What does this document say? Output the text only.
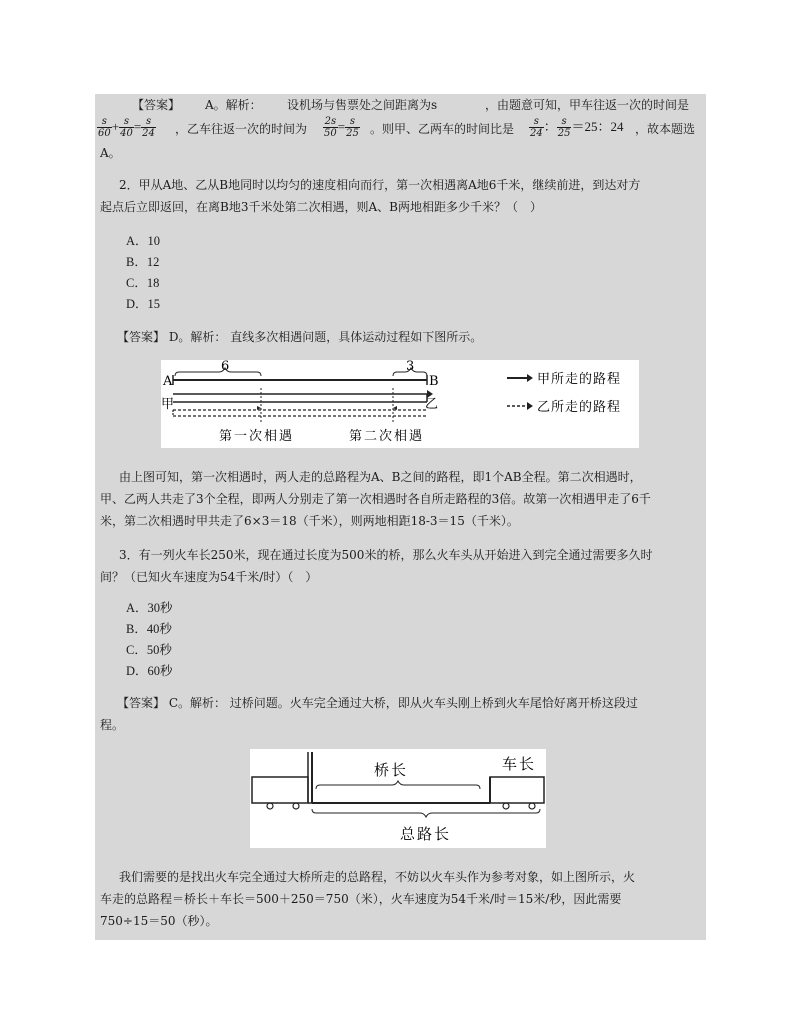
【答案】 A。解析： 设机场与售票处之间距离为s	，由题意可知，甲车往返一次的时间是
$\frac{s}{60} + \frac{s}{40} = \frac{s}{24}$ ，乙车往返一次的时间为 $\frac{2s}{50} = \frac{s}{25}$ 。则甲、乙两车的时间比是 $\frac{s}{24}$ ： $\frac{s}{25} =25$：24 ，故本题选
A。
2．甲从A地、乙从B地同时以均匀的速度相向而行，第一次相遇离A地6千米，继续前进，到达对方
起点后立即返回，在离B地3千米处第二次相遇，则A、B两地相距多少千米？（　）
A．10
B．12
C．18
D．15
【答案】 D。解析： 直线多次相遇问题，具体运动过程如下图所示。
A	B
甲	乙
6	3
第一次相遇	第二次相遇
甲所走的路程
乙所走的路程
由上图可知，第一次相遇时，两人走的总路程为A、B之间的路程，即1个AB全程。第二次相遇时，
甲、乙两人共走了3个全程，即两人分别走了第一次相遇时各自所走路程的3倍。故第一次相遇甲走了6千
米，第二次相遇时甲共走了6×3＝18（千米），则两地相距18-3＝15（千米）。
3．有一列火车长250米，现在通过长度为500米的桥，那么火车头从开始进入到完全通过需要多久时
间？（已知火车速度为54千米/时）（　）
A．30秒
B．40秒
C．50秒
D．60秒
【答案】 C。解析： 过桥问题。火车完全通过大桥，即从火车头刚上桥到火车尾恰好离开桥这段过
程。
桥长	车长
总路长
我们需要的是找出火车完全通过大桥所走的总路程，不妨以火车头作为参考对象，如上图所示，火
车走的总路程＝桥长＋车长＝500＋250＝750（米），火车速度为54千米/时＝15米/秒，因此需要
750÷15＝50（秒）。
